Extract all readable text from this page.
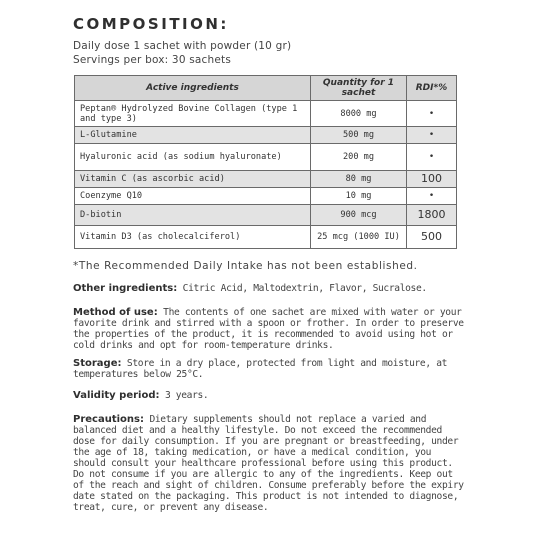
COMPOSITION:
Daily dose 1 sachet with powder (10 gr)
Servings per box: 30 sachets
Active ingredients	Quantity for 1 sachet	RDI*%
Peptan® Hydrolyzed Bovine Collagen (type 1 and type 3)	8000 mg	•
L-Glutamine	500 mg	•
Hyaluronic acid (as sodium hyaluronate)	200 mg	•
Vitamin C (as ascorbic acid)	80 mg	100
Coenzyme Q10	10 mg	•
D-biotin	900 mcg	1800
Vitamin D3 (as cholecalciferol)	25 mcg (1000 IU)	500
*The Recommended Daily Intake has not been established.
Other ingredients: Citric Acid, Maltodextrin, Flavor, Sucralose.
Method of use: The contents of one sachet are mixed with water or your favorite drink and stirred with a spoon or frother. In order to preserve the properties of the product, it is recommended to avoid using hot or cold drinks and opt for room-temperature drinks.
Storage: Store in a dry place, protected from light and moisture, at temperatures below 25°C.
Validity period: 3 years.
Precautions: Dietary supplements should not replace a varied and balanced diet and a healthy lifestyle. Do not exceed the recommended dose for daily consumption. If you are pregnant or breastfeeding, under the age of 18, taking medication, or have a medical condition, you should consult your healthcare professional before using this product. Do not consume if you are allergic to any of the ingredients. Keep out of the reach and sight of children. Consume preferably before the expiry date stated on the packaging. This product is not intended to diagnose, treat, cure, or prevent any disease.
